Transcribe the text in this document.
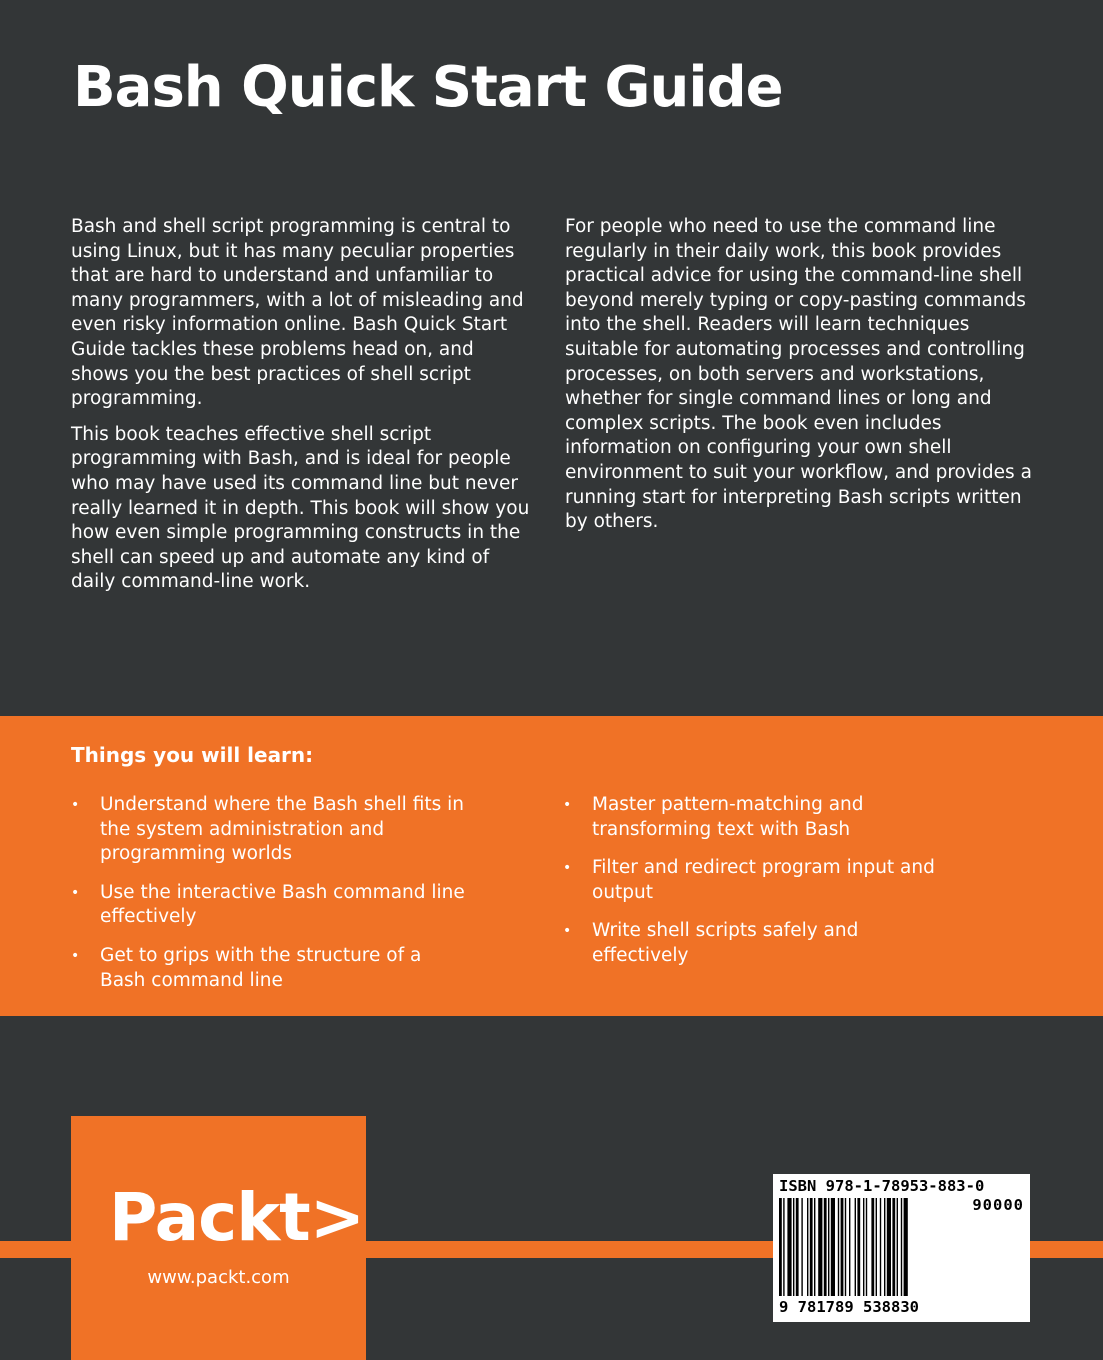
Bash Quick Start Guide

Bash and shell script programming is central to using Linux, but it has many peculiar properties that are hard to understand and unfamiliar to many programmers, with a lot of misleading and even risky information online. Bash Quick Start Guide tackles these problems head on, and shows you the best practices of shell script programming.

This book teaches effective shell script programming with Bash, and is ideal for people who may have used its command line but never really learned it in depth. This book will show you how even simple programming constructs in the shell can speed up and automate any kind of daily command-line work.

For people who need to use the command line regularly in their daily work, this book provides practical advice for using the command-line shell beyond merely typing or copy-pasting commands into the shell. Readers will learn techniques suitable for automating processes and controlling processes, on both servers and workstations, whether for single command lines or long and complex scripts. The book even includes information on configuring your own shell environment to suit your workflow, and provides a running start for interpreting Bash scripts written by others.

Things you will learn:
• Understand where the Bash shell fits in the system administration and programming worlds
• Use the interactive Bash command line effectively
• Get to grips with the structure of a Bash command line
• Master pattern-matching and transforming text with Bash
• Filter and redirect program input and output
• Write shell scripts safely and effectively
Packt>
www.packt.com
ISBN 978-1-78953-883-0
90000
9 781789 538830
